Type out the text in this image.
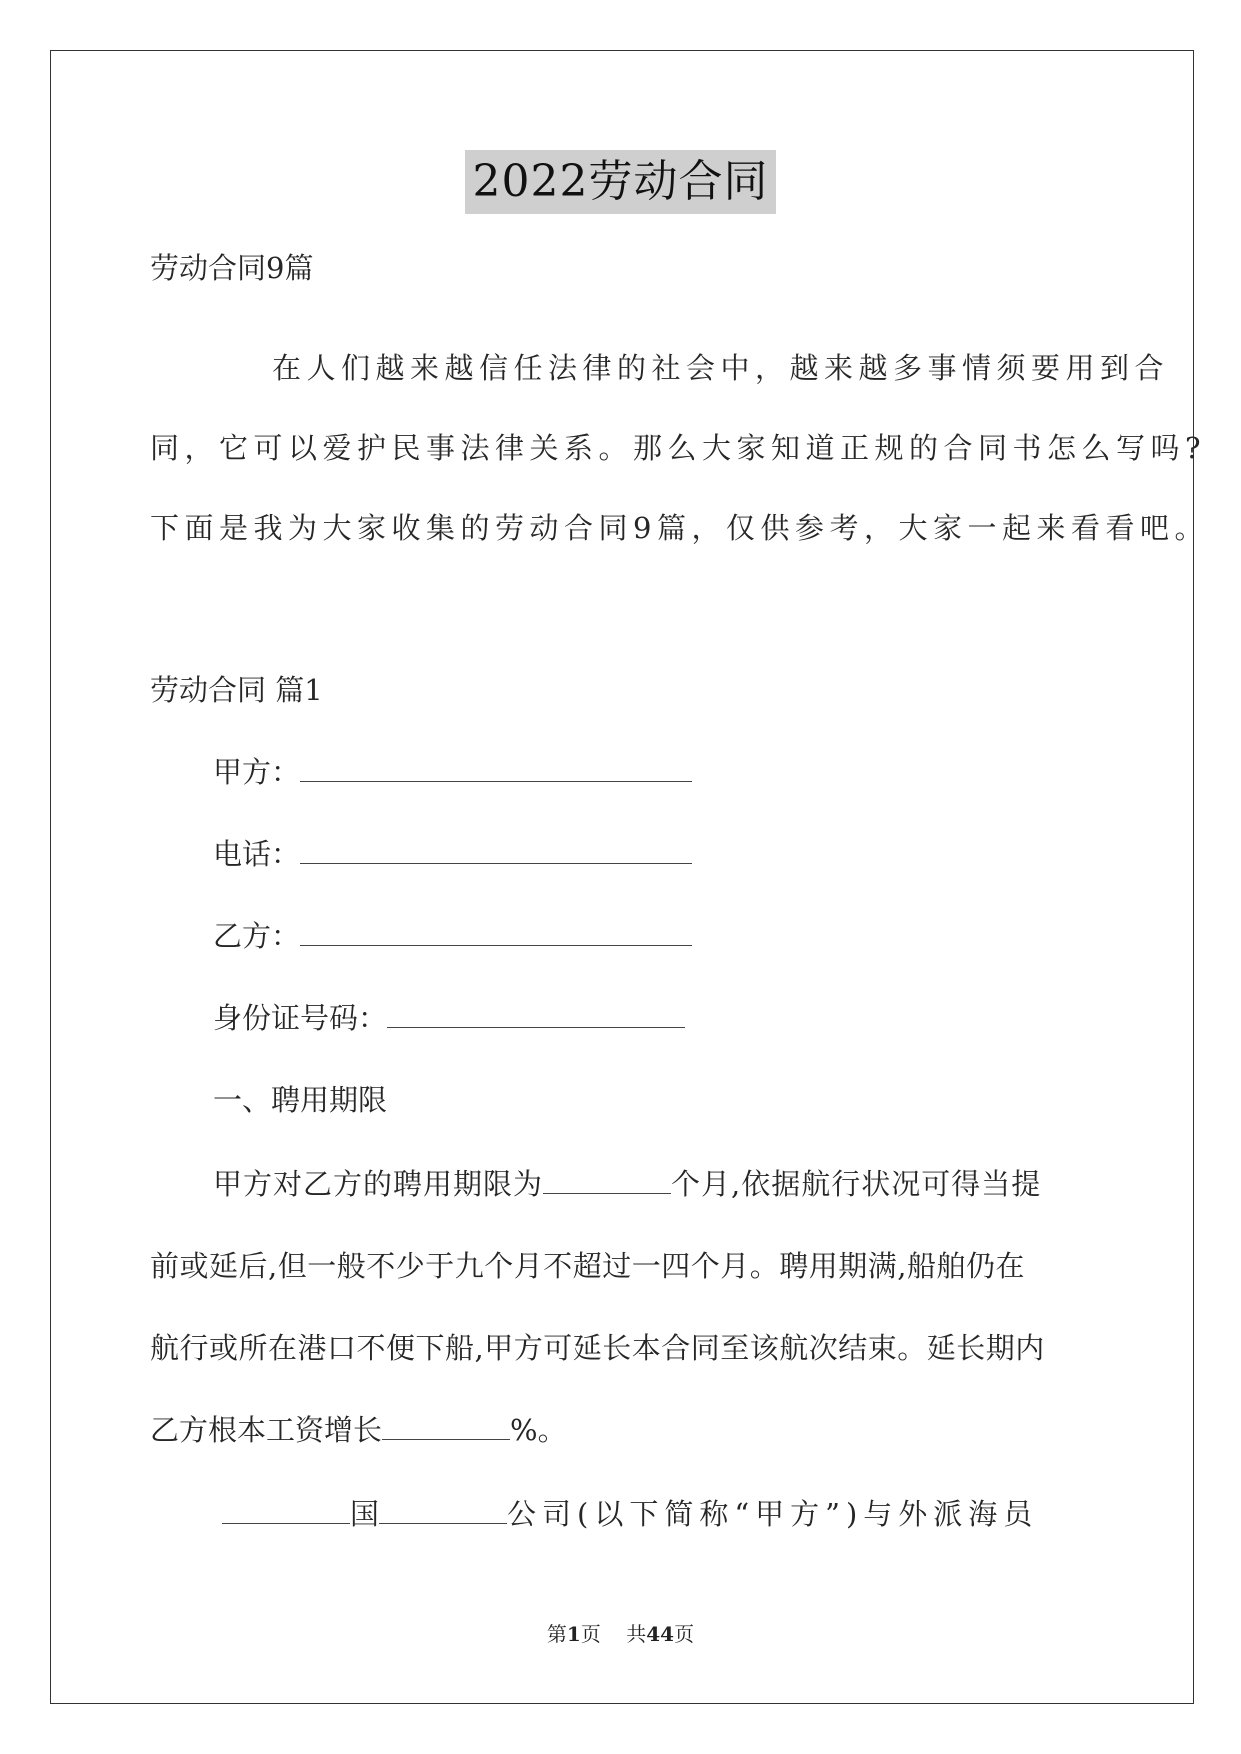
2022劳动合同
劳动合同9篇
在人们越来越信任法律的社会中，越来越多事情须要用到合
同，它可以爱护民事法律关系。那么大家知道正规的合同书怎么写吗?
下面是我为大家收集的劳动合同9篇，仅供参考，大家一起来看看吧。
劳动合同 篇1
甲方：
电话：
乙方：
身份证号码：
一、聘用期限
甲方对乙方的聘用期限为	个月,依据航行状况可得当提
前或延后,但一般不少于九个月不超过一四个月。聘用期满,船舶仍在
航行或所在港口不便下船,甲方可延长本合同至该航次结束。延长期内
乙方根本工资增长	%。
国	公司(以下简称“甲方”)与外派海员
第1页    共44页
